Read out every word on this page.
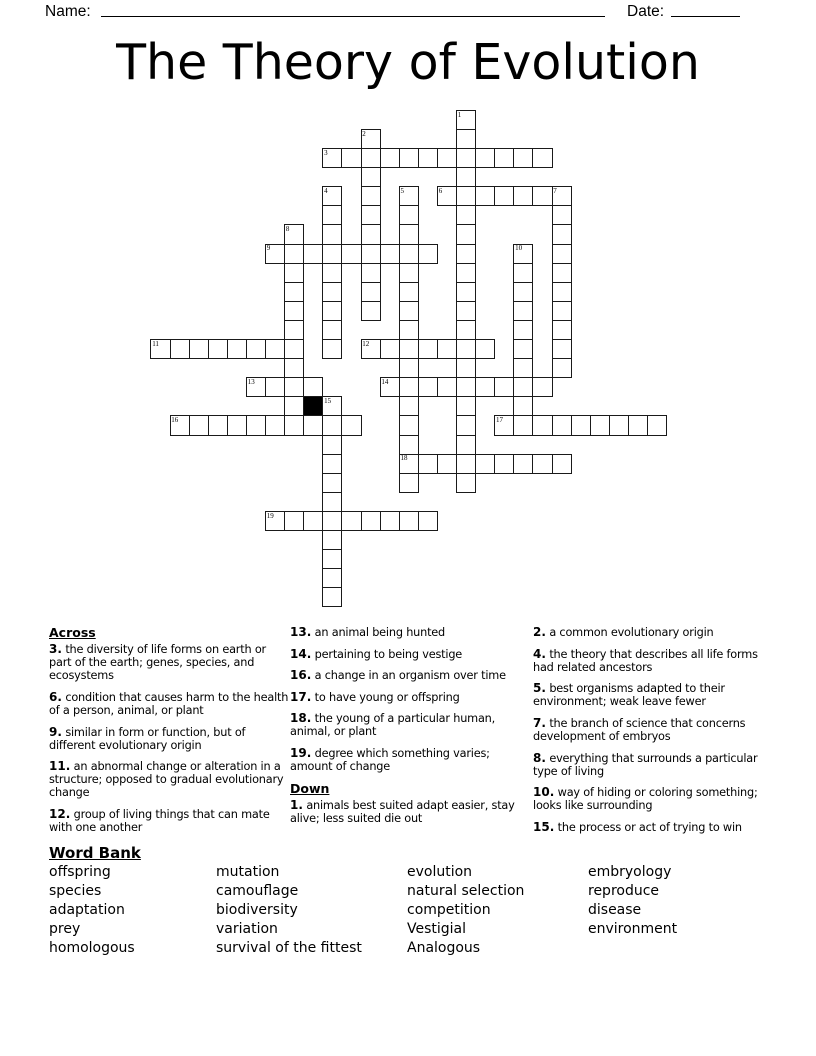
Name:	Date:
The Theory of Evolution
1
2
3
4	5	6	7
8
9	10
11	12
13	14
15
16	17
18
19
Across

3. the diversity of life forms on earth or part of the earth; genes, species, and ecosystems

6. condition that causes harm to the health of a person, animal, or plant

9. similar in form or function, but of different evolutionary origin

11. an abnormal change or alteration in a structure; opposed to gradual evolutionary change

12. group of living things that can mate with one another

13. an animal being hunted

14. pertaining to being vestige

16. a change in an organism over time

17. to have young or offspring

18. the young of a particular human, animal, or plant

19. degree which something varies; amount of change

Down

1. animals best suited adapt easier, stay alive; less suited die out

2. a common evolutionary origin

4. the theory that describes all life forms had related ancestors

5. best organisms adapted to their environment; weak leave fewer

7. the branch of science that concerns development of embryos

8. everything that surrounds a particular type of living

10. way of hiding or coloring something; looks like surrounding

15. the process or act of trying to win

Word Bank
offspring
species
adaptation
prey
homologous
mutation
camouflage
biodiversity
variation
survival of the fittest
evolution
natural selection
competition
Vestigial
Analogous
embryology
reproduce
disease
environment
